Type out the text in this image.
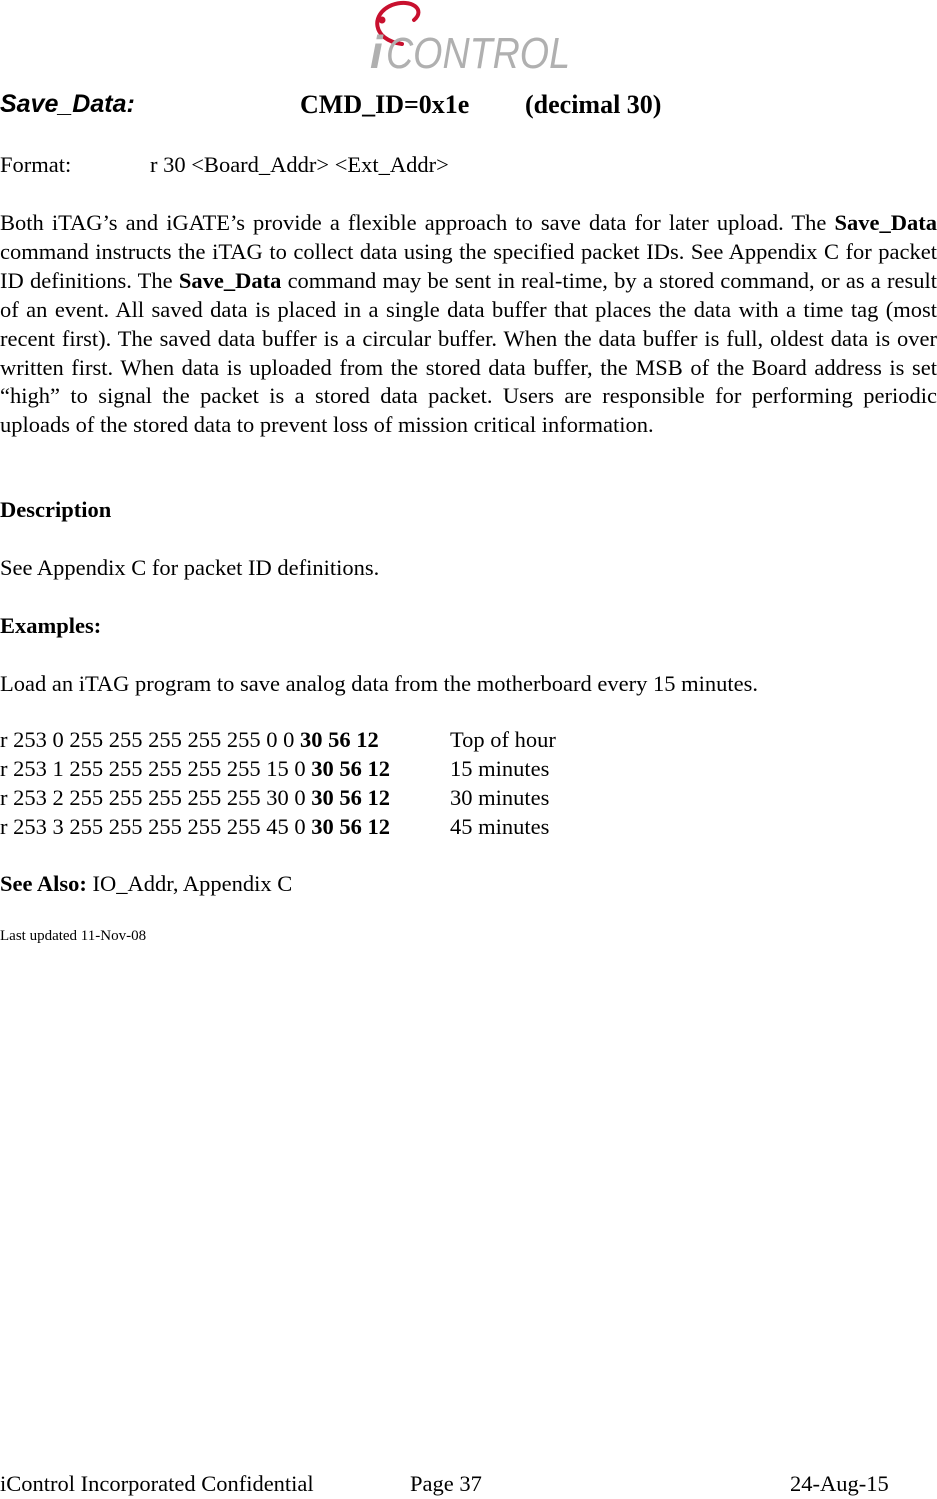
i CONTROL
Save_Data:	CMD_ID=0x1e (decimal 30)
Format:	r 30 <Board_Addr> <Ext_Addr>

Both iTAG’s and iGATE’s provide a flexible approach to save data for later upload. The Save_Data command instructs the iTAG to collect data using the specified packet IDs. See Appendix C for packet ID definitions. The Save_Data command may be sent in real-time, by a stored command, or as a result of an event. All saved data is placed in a single data buffer that places the data with a time tag (most recent first). The saved data buffer is a circular buffer. When the data buffer is full, oldest data is over written first. When data is uploaded from the stored data buffer, the MSB of the Board address is set “high” to signal the packet is a stored data packet. Users are responsible for performing periodic uploads of the stored data to prevent loss of mission critical information.

Description

See Appendix C for packet ID definitions.

Examples:

Load an iTAG program to save analog data from the motherboard every 15 minutes.

r 253 0 255 255 255 255 255 0 0 30 56 12	Top of hour
r 253 1 255 255 255 255 255 15 0 30 56 12	15 minutes
r 253 2 255 255 255 255 255 30 0 30 56 12	30 minutes
r 253 3 255 255 255 255 255 45 0 30 56 12	45 minutes

See Also: IO_Addr, Appendix C

Last updated 11-Nov-08

iControl Incorporated Confidential	Page 37	24-Aug-15
